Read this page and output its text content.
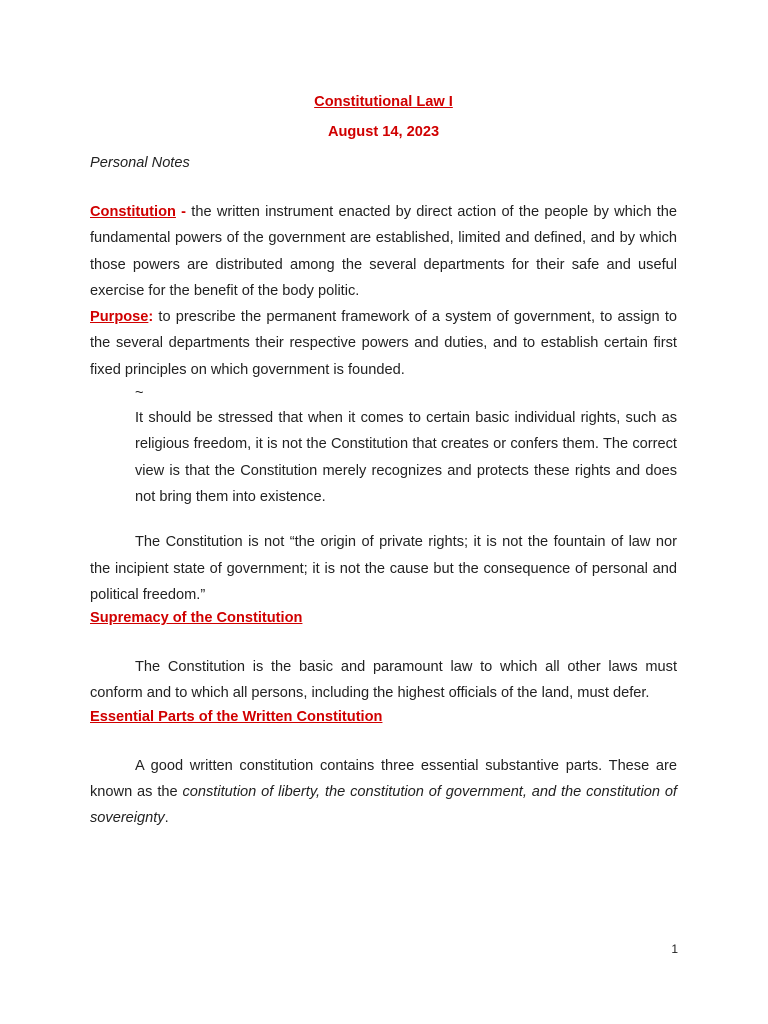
Constitutional Law I
August 14, 2023
Personal Notes

Constitution - the written instrument enacted by direct action of the people by which the fundamental powers of the government are established, limited and defined, and by which those powers are distributed among the several departments for their safe and useful exercise for the benefit of the body politic.

Purpose: to prescribe the permanent framework of a system of government, to assign to the several departments their respective powers and duties, and to establish certain first fixed principles on which government is founded.

~

It should be stressed that when it comes to certain basic individual rights, such as religious freedom, it is not the Constitution that creates or confers them. The correct view is that the Constitution merely recognizes and protects these rights and does not bring them into existence.

The Constitution is not “the origin of private rights; it is not the fountain of law nor the incipient state of government; it is not the cause but the consequence of personal and political freedom.”

Supremacy of the Constitution

The Constitution is the basic and paramount law to which all other laws must conform and to which all persons, including the highest officials of the land, must defer.

Essential Parts of the Written Constitution

A good written constitution contains three essential substantive parts. These are known as the constitution of liberty, the constitution of government, and the constitution of sovereignty.

1
